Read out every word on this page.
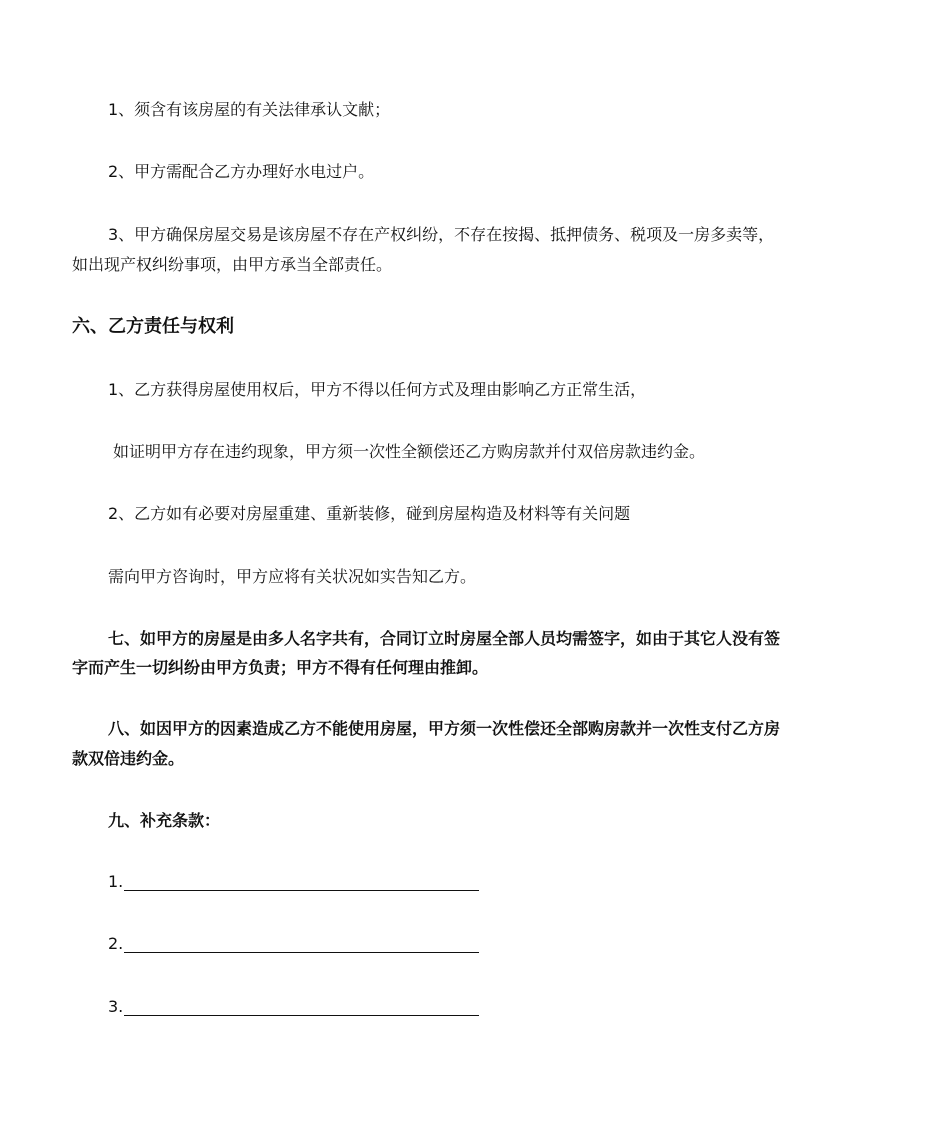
1、须含有该房屋的有关法律承认文献；
2、甲方需配合乙方办理好水电过户。
3、甲方确保房屋交易是该房屋不存在产权纠纷，不存在按揭、抵押债务、税项及一房多卖等，
如出现产权纠纷事项，由甲方承当全部责任。
六、乙方责任与权利
1、乙方获得房屋使用权后，甲方不得以任何方式及理由影响乙方正常生活，
如证明甲方存在违约现象，甲方须一次性全额偿还乙方购房款并付双倍房款违约金。
2、乙方如有必要对房屋重建、重新装修，碰到房屋构造及材料等有关问题
需向甲方咨询时，甲方应将有关状况如实告知乙方。
七、如甲方的房屋是由多人名字共有，合同订立时房屋全部人员均需签字，如由于其它人没有签
字而产生一切纠纷由甲方负责；甲方不得有任何理由推卸。
八、如因甲方的因素造成乙方不能使用房屋，甲方须一次性偿还全部购房款并一次性支付乙方房
款双倍违约金。
九、补充条款：
1.
2.
3.
